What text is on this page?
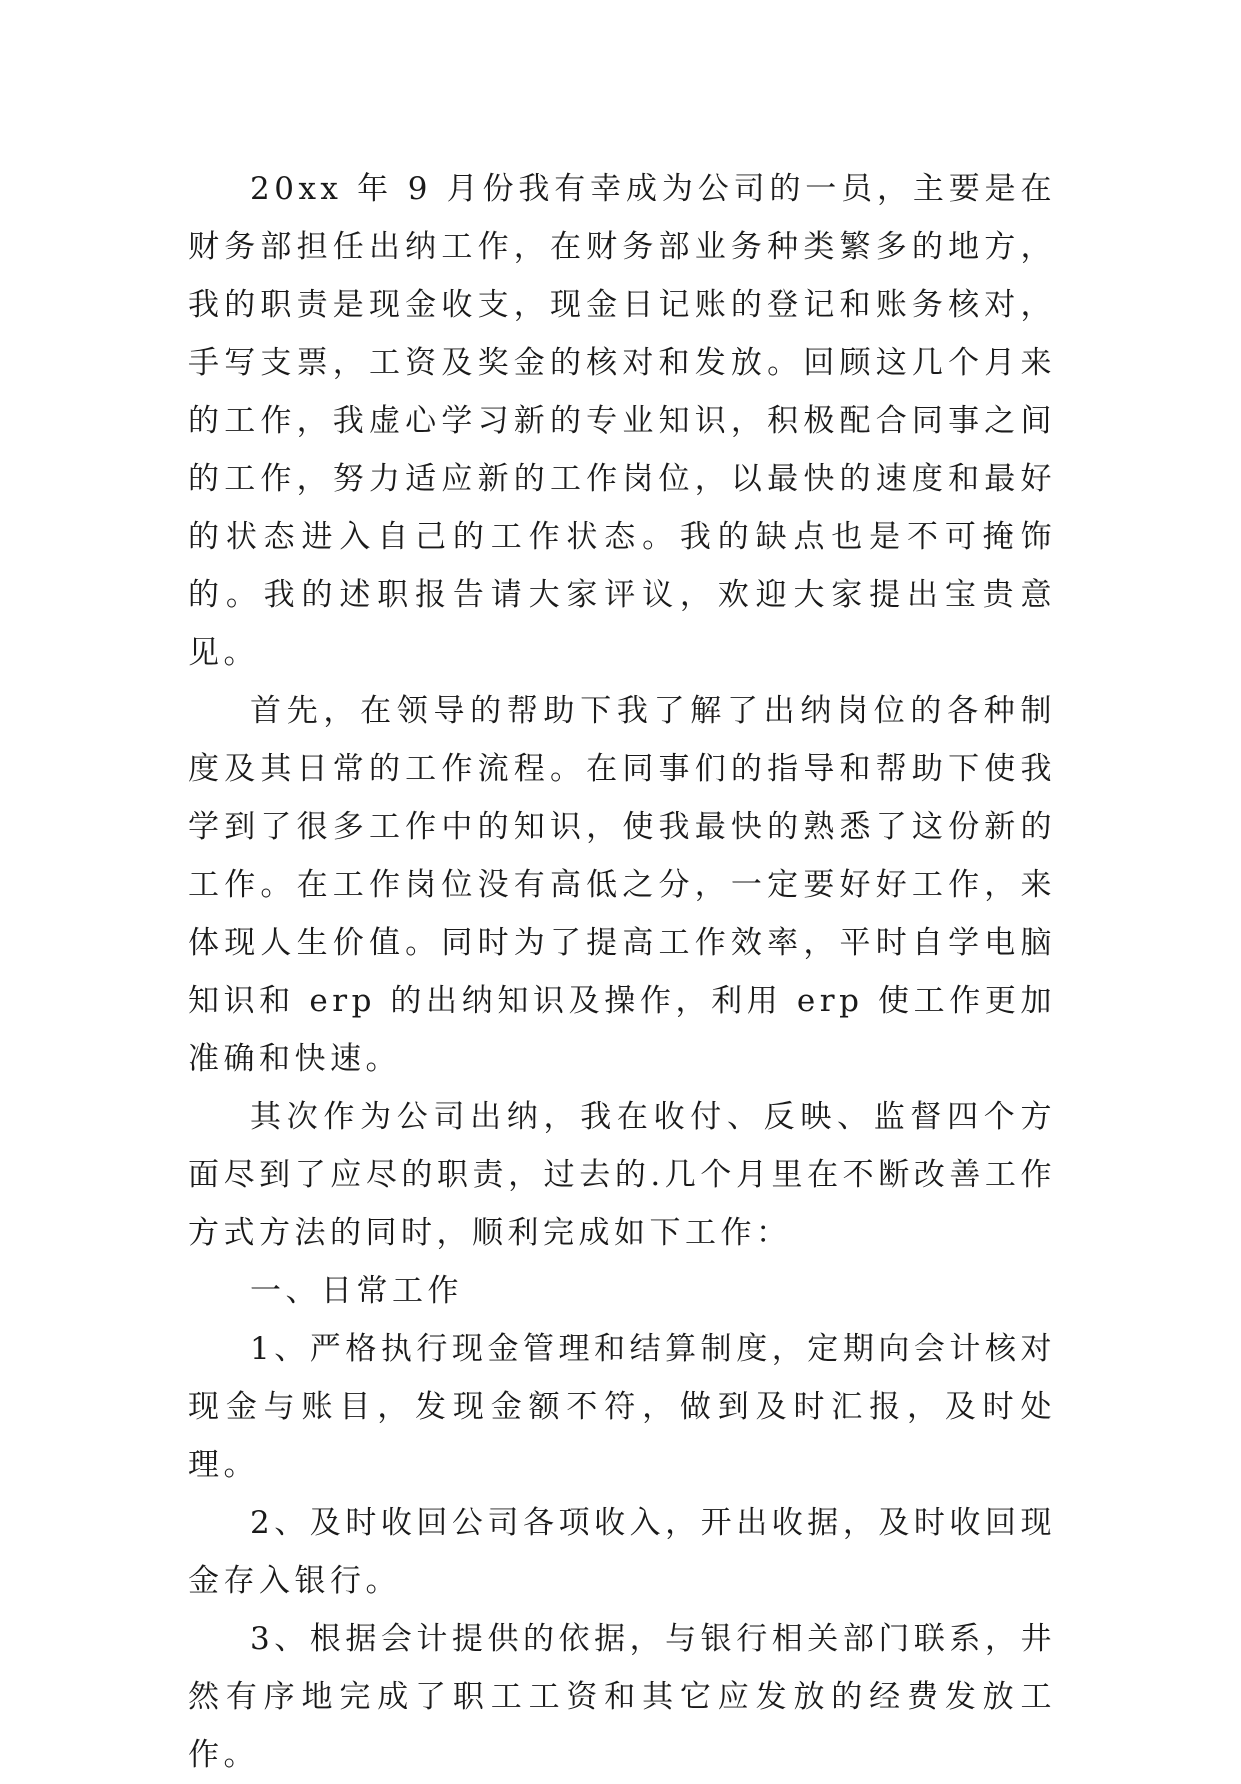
20xx 年 9 月份我有幸成为公司的一员，主要是在财务部担任出纳工作，在财务部业务种类繁多的地方，我的职责是现金收支，现金日记账的登记和账务核对，手写支票，工资及奖金的核对和发放。回顾这几个月来的工作，我虚心学习新的专业知识，积极配合同事之间的工作，努力适应新的工作岗位，以最快的速度和最好的状态进入自己的工作状态。我的缺点也是不可掩饰的。我的述职报告请大家评议，欢迎大家提出宝贵意见。

首先，在领导的帮助下我了解了出纳岗位的各种制度及其日常的工作流程。在同事们的指导和帮助下使我学到了很多工作中的知识，使我最快的熟悉了这份新的工作。在工作岗位没有高低之分，一定要好好工作，来体现人生价值。同时为了提高工作效率，平时自学电脑知识和 erp 的出纳知识及操作，利用 erp 使工作更加准确和快速。

其次作为公司出纳，我在收付、反映、监督四个方面尽到了应尽的职责，过去的.几个月里在不断改善工作方式方法的同时，顺利完成如下工作：

一、日常工作

1、严格执行现金管理和结算制度，定期向会计核对现金与账目，发现金额不符，做到及时汇报，及时处理。

2、及时收回公司各项收入，开出收据，及时收回现金存入银行。

3、根据会计提供的依据，与银行相关部门联系，井然有序地完成了职工工资和其它应发放的经费发放工作。
